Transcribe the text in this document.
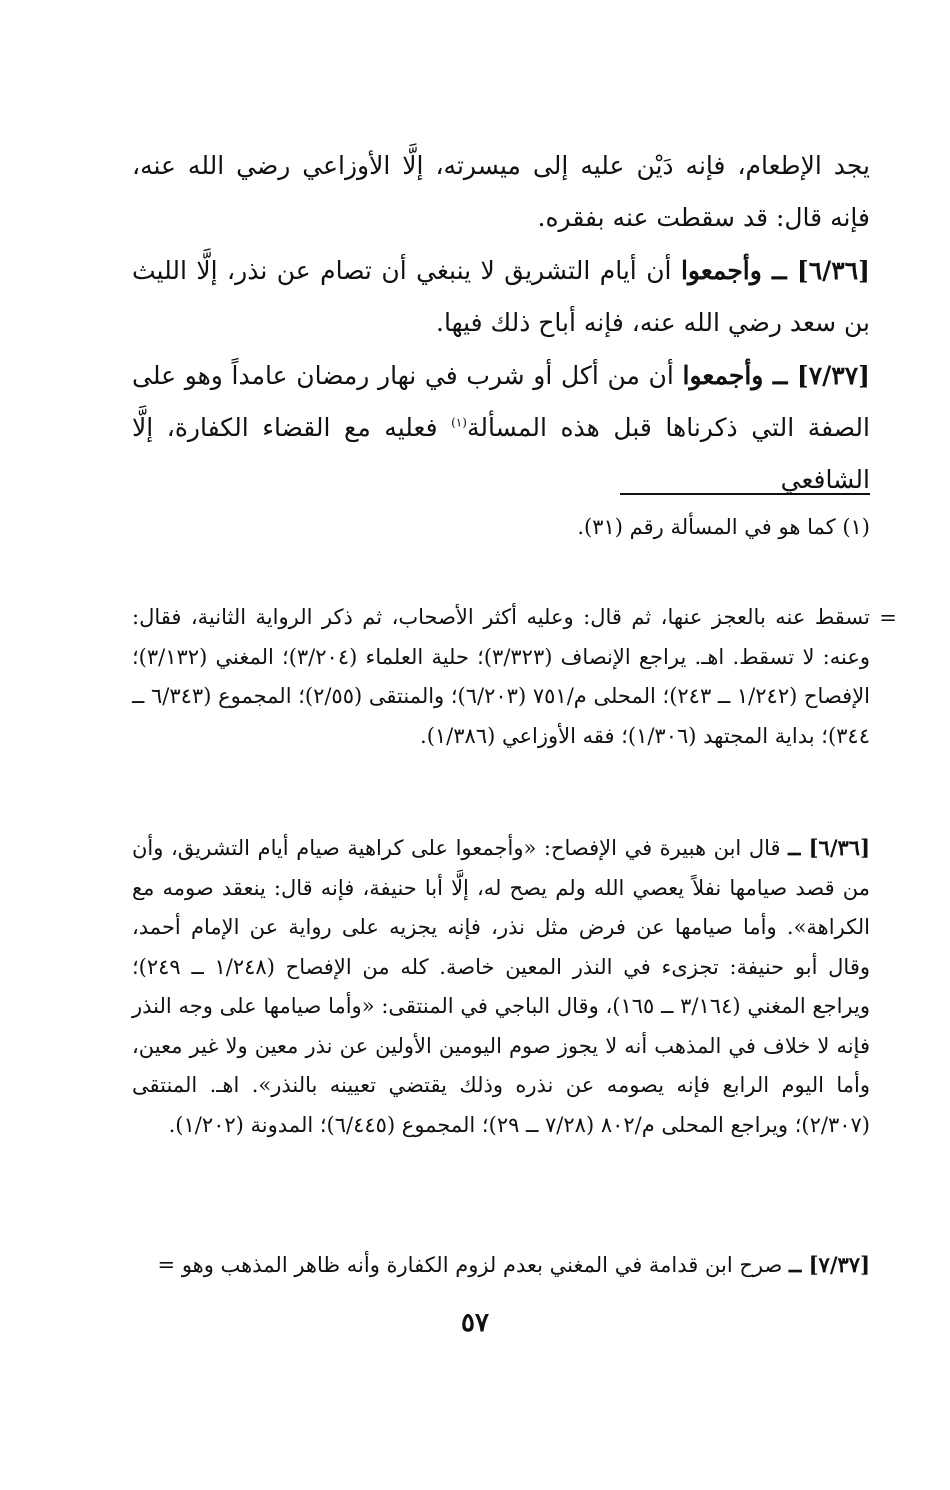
يجد الإطعام، فإنه دَيْن عليه إلى ميسرته، إلَّا الأوزاعي رضي الله عنه، فإنه قال: قد سقطت عنه بفقره.

[٦/٣٦] ــ وأجمعوا أن أيام التشريق لا ينبغي أن تصام عن نذر، إلَّا الليث بن سعد رضي الله عنه، فإنه أباح ذلك فيها.

[٧/٣٧] ــ وأجمعوا أن من أكل أو شرب في نهار رمضان عامداً وهو على الصفة التي ذكرناها قبل هذه المسألة$^{(١)}$ فعليه مع القضاء الكفارة، إلَّا الشافعي

(١) كما هو في المسألة رقم (٣١).

=

تسقط عنه بالعجز عنها، ثم قال: وعليه أكثر الأصحاب، ثم ذكر الرواية الثانية، فقال: وعنه: لا تسقط. اهـ. يراجع الإنصاف (٣/٣٢٣)؛ حلية العلماء (٣/٢٠٤)؛ المغني (٣/١٣٢)؛ الإفصاح (١/٢٤٢ ــ ٢٤٣)؛ المحلى م/٧٥١ (٦/٢٠٣)؛ والمنتقى (٢/٥٥)؛ المجموع (٦/٣٤٣ ــ ٣٤٤)؛ بداية المجتهد (١/٣٠٦)؛ فقه الأوزاعي (١/٣٨٦).

[٦/٣٦] ــ قال ابن هبيرة في الإفصاح: «وأجمعوا على كراهية صيام أيام التشريق، وأن من قصد صيامها نفلاً يعصي الله ولم يصح له، إلَّا أبا حنيفة، فإنه قال: ينعقد صومه مع الكراهة». وأما صيامها عن فرض مثل نذر، فإنه يجزيه على رواية عن الإمام أحمد، وقال أبو حنيفة: تجزىء في النذر المعين خاصة. كله من الإفصاح (١/٢٤٨ ــ ٢٤٩)؛ ويراجع المغني (٣/١٦٤ ــ ١٦٥)، وقال الباجي في المنتقى: «وأما صيامها على وجه النذر فإنه لا خلاف في المذهب أنه لا يجوز صوم اليومين الأولين عن نذر معين ولا غير معين، وأما اليوم الرابع فإنه يصومه عن نذره وذلك يقتضي تعيينه بالنذر». اهـ. المنتقى (٢/٣٠٧)؛ ويراجع المحلى م/٨٠٢ (٧/٢٨ ــ ٢٩)؛ المجموع (٦/٤٤٥)؛ المدونة (١/٢٠٢).

[٧/٣٧] ــ صرح ابن قدامة في المغني بعدم لزوم الكفارة وأنه ظاهر المذهب وهو =

٥٧
